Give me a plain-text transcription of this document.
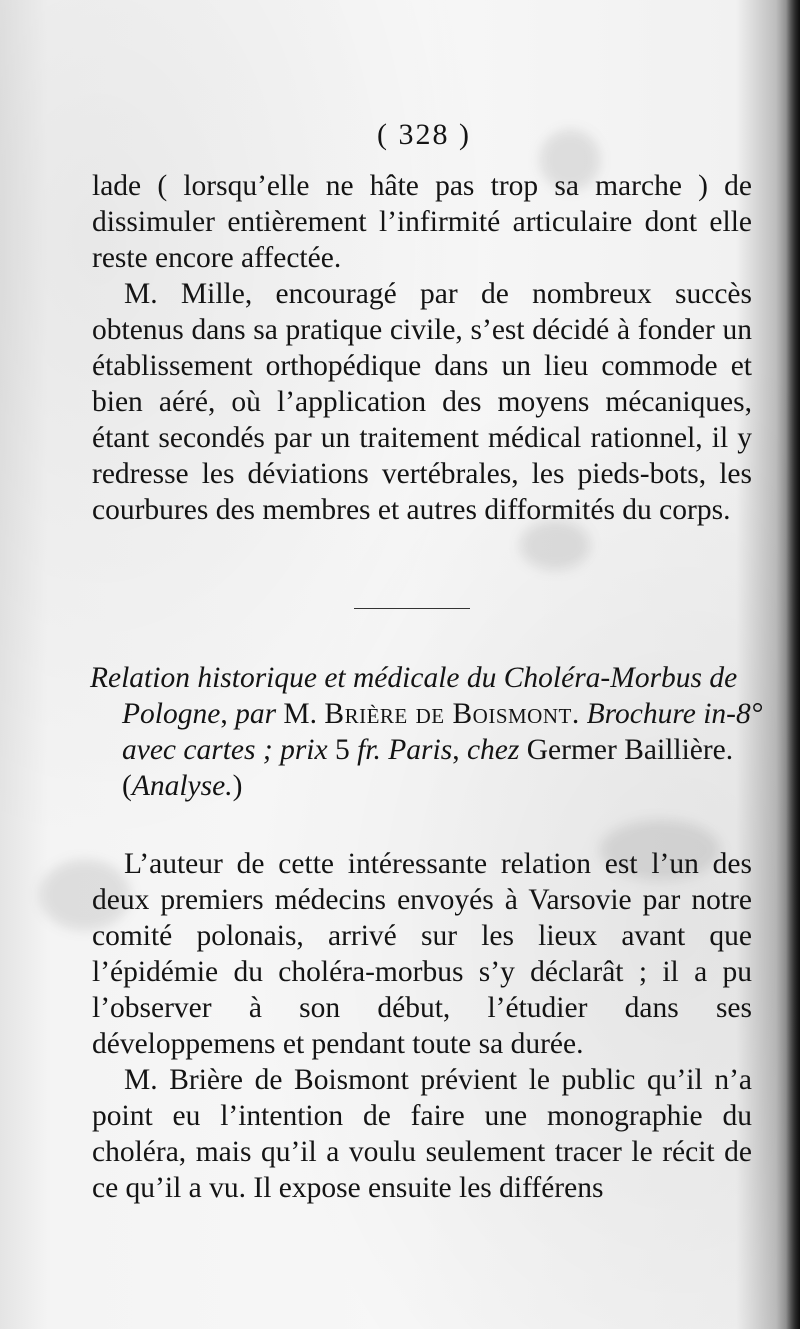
( 328 )

lade ( lorsqu’elle ne hâte pas trop sa marche ) de dissimuler entièrement l’infirmité articulaire dont elle reste encore affectée.

M. Mille, encouragé par de nombreux succès obtenus dans sa pratique civile, s’est décidé à fonder un établissement orthopédique dans un lieu commode et bien aéré, où l’application des moyens mécaniques, étant secondés par un traitement médical rationnel, il y redresse les déviations vertébrales, les pieds-bots, les courbures des membres et autres difformités du corps.

Relation historique et médicale du Choléra-Morbus de Pologne, par M. Brière de Boismont. Brochure in-8° avec cartes ; prix 5 fr. Paris, chez Germer Baillière. (Analyse.)

L’auteur de cette intéressante relation est l’un des deux premiers médecins envoyés à Varsovie par notre comité polonais, arrivé sur les lieux avant que l’épidémie du choléra-morbus s’y déclarât ; il a pu l’observer à son début, l’étudier dans ses développemens et pendant toute sa durée.

M. Brière de Boismont prévient le public qu’il n’a point eu l’intention de faire une monographie du choléra, mais qu’il a voulu seulement tracer le récit de ce qu’il a vu. Il expose ensuite les différens
